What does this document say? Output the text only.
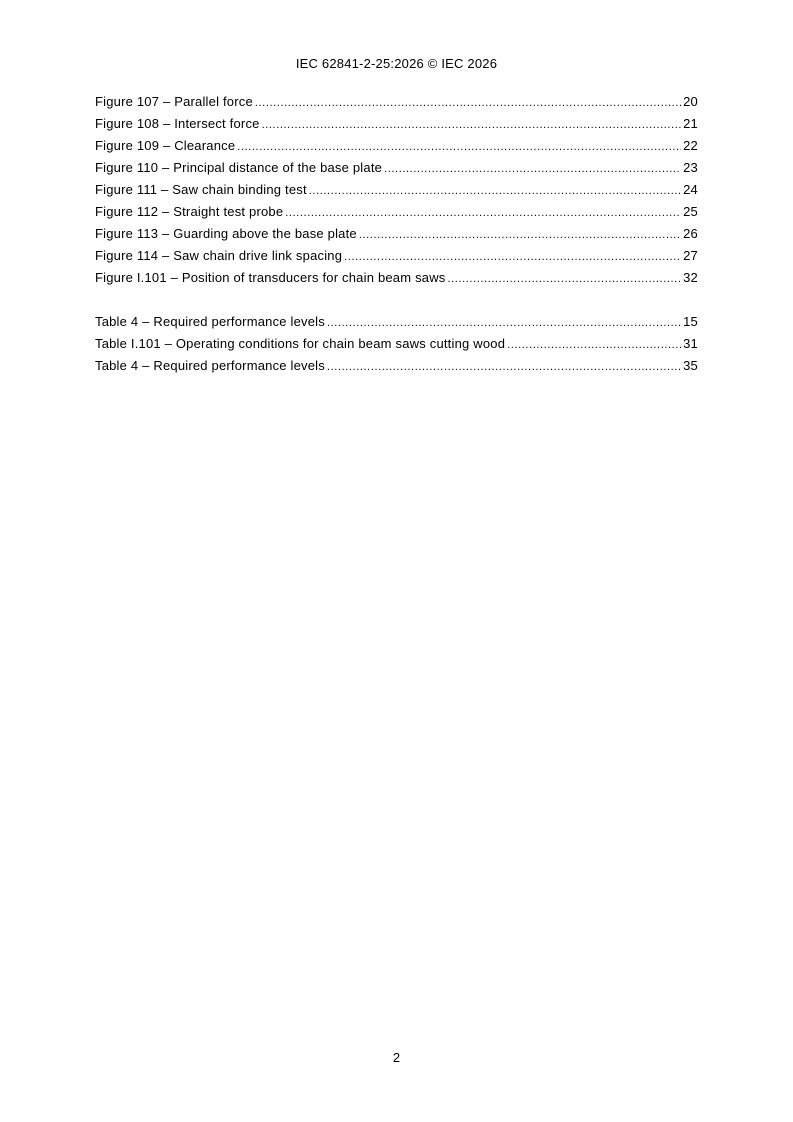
IEC 62841-2-25:2026 © IEC 2026
Figure 107 – Parallel force .....	20
Figure 108 – Intersect force .....	21
Figure 109 – Clearance .....	22
Figure 110 – Principal distance of the base plate .....	23
Figure 111 – Saw chain binding test .....	24
Figure 112 – Straight test probe .....	25
Figure 113 – Guarding above the base plate .....	26
Figure 114 – Saw chain drive link spacing .....	27
Figure I.101 – Position of transducers for chain beam saws .....	32
Table 4 – Required performance levels .....	15
Table I.101 – Operating conditions for chain beam saws cutting wood .....	31
Table 4 – Required performance levels .....	35
2
